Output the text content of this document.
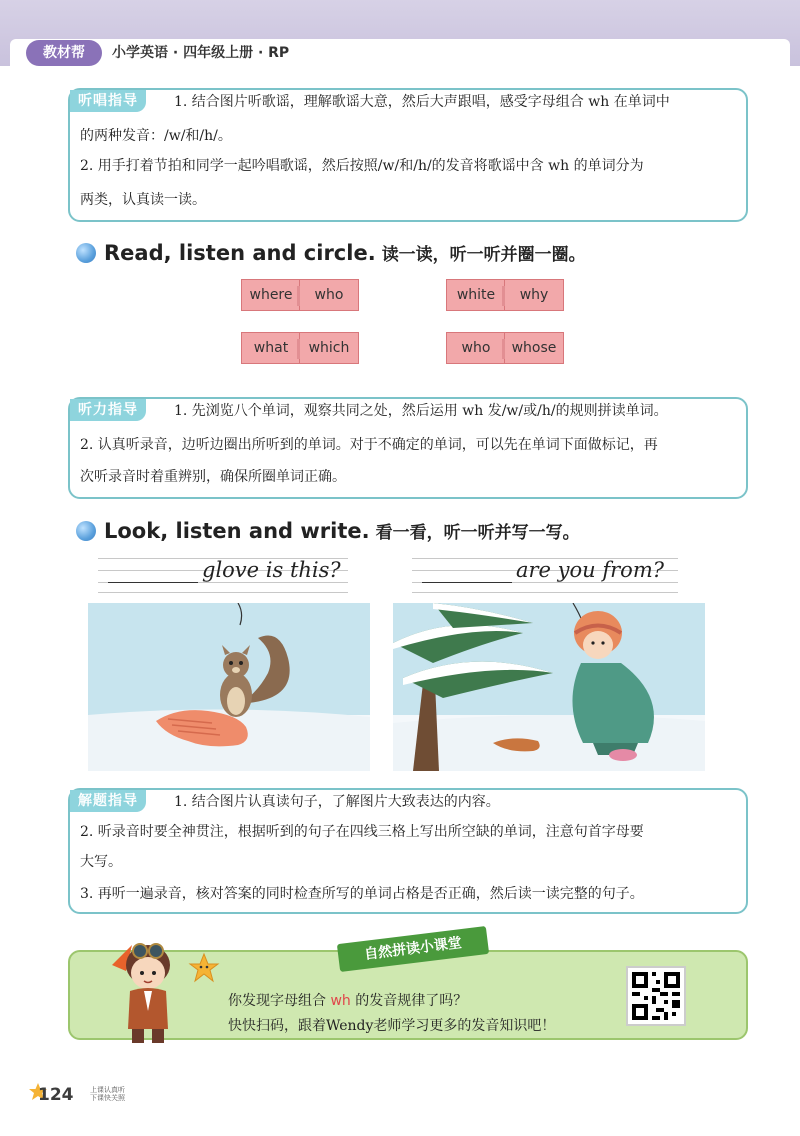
教材帮	小学英语 · 四年级上册 · RP
听唱指导	1. 结合图片听歌谣，理解歌谣大意，然后大声跟唱，感受字母组合 wh 在单词中
的两种发音：/w/和/h/。
2. 用手打着节拍和同学一起吟唱歌谣，然后按照/w/和/h/的发音将歌谣中含 wh 的单词分为
两类，认真读一读。
Read, listen and circle. 读一读，听一听并圈一圈。
where	who	white	why
what	which	who	whose
听力指导	1. 先浏览八个单词，观察共同之处，然后运用 wh 发/w/或/h/的规则拼读单词。
2. 认真听录音，边听边圈出所听到的单词。对于不确定的单词，可以先在单词下面做标记，再
次听录音时着重辨别，确保所圈单词正确。
Look, listen and write. 看一看，听一听并写一写。
glove is this?	are you from?
解题指导	1. 结合图片认真读句子，了解图片大致表达的内容。
2. 听录音时要全神贯注，根据听到的句子在四线三格上写出所空缺的单词，注意句首字母要
大写。
3. 再听一遍录音，核对答案的同时检查所写的单词占格是否正确，然后读一读完整的句子。
自然拼读小课堂
你发现字母组合 wh 的发音规律了吗？
快快扫码，跟着Wendy老师学习更多的发音知识吧！
124 上课认真听
下课快关照
